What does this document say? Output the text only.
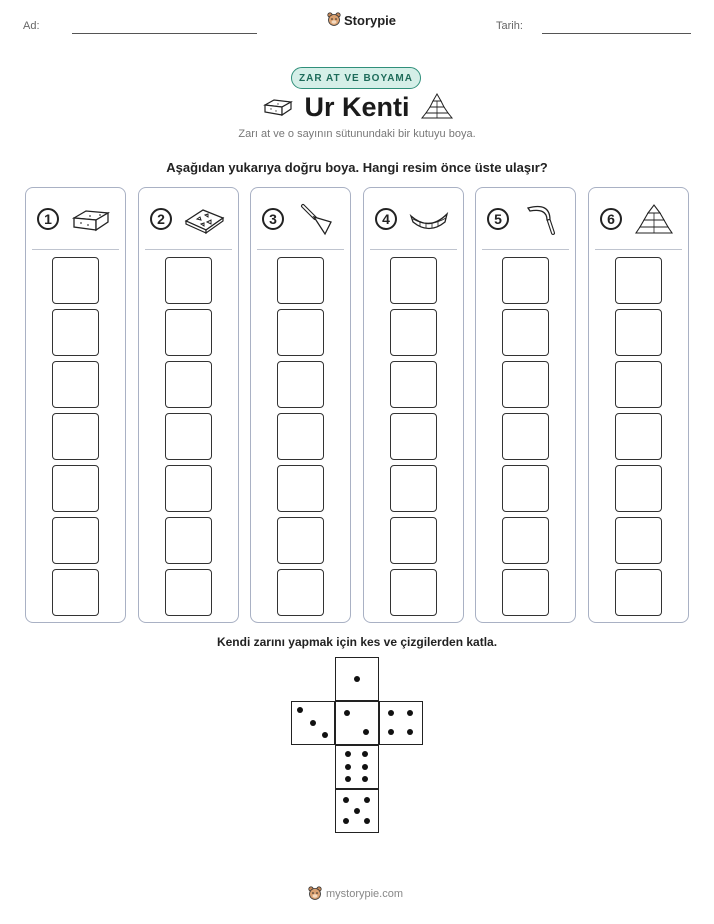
Ad:	Storypie	Tarih:
ZAR AT VE BOYAMA
Ur Kenti
Zarı at ve o sayının sütunundaki bir kutuyu boya.
Aşağıdan yukarıya doğru boya. Hangi resim önce üste ulaşır?
1	2	3	4	5	6
Kendi zarını yapmak için kes ve çizgilerden katla.
mystorypie.com
